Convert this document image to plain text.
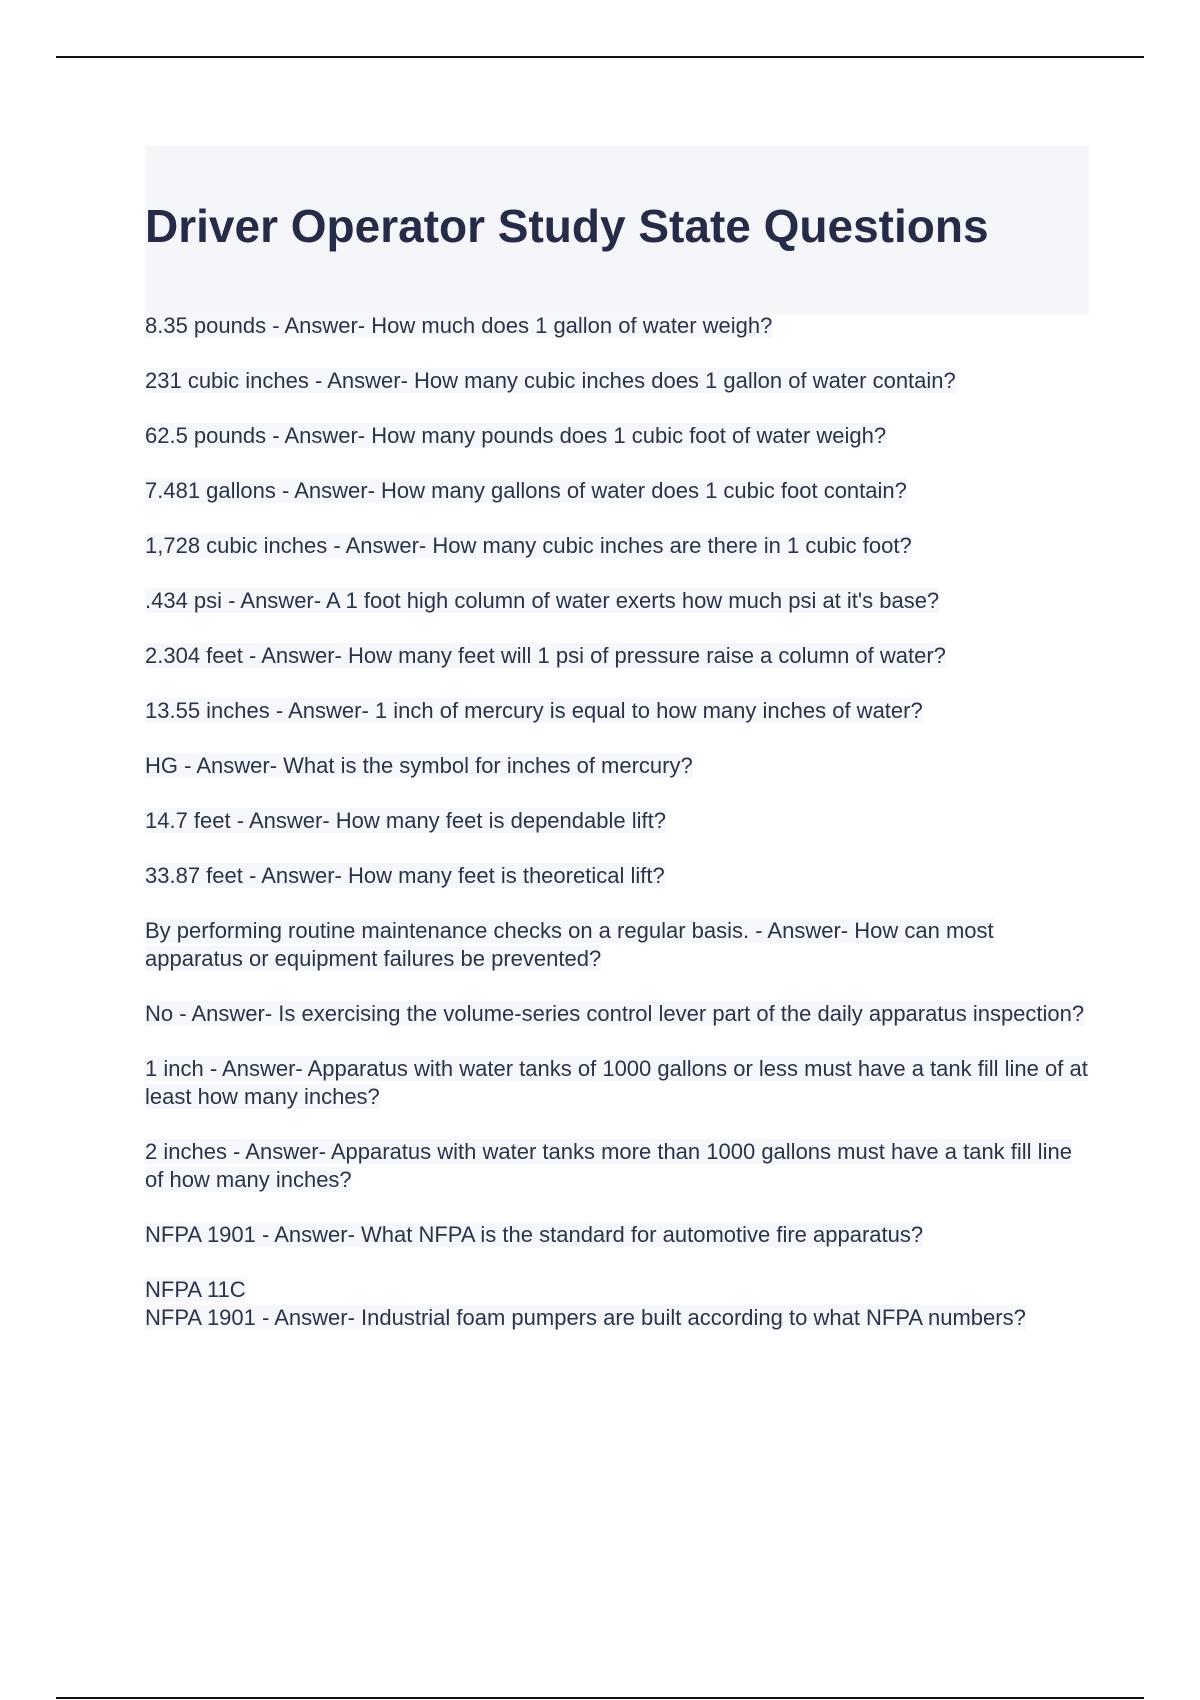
Driver Operator Study State Questions
8.35 pounds - Answer- How much does 1 gallon of water weigh?
231 cubic inches - Answer- How many cubic inches does 1 gallon of water contain?
62.5 pounds - Answer- How many pounds does 1 cubic foot of water weigh?
7.481 gallons - Answer- How many gallons of water does 1 cubic foot contain?
1,728 cubic inches - Answer- How many cubic inches are there in 1 cubic foot?
.434 psi - Answer- A 1 foot high column of water exerts how much psi at it's base?
2.304 feet - Answer- How many feet will 1 psi of pressure raise a column of water?
13.55 inches - Answer- 1 inch of mercury is equal to how many inches of water?
HG - Answer- What is the symbol for inches of mercury?
14.7 feet - Answer- How many feet is dependable lift?
33.87 feet - Answer- How many feet is theoretical lift?
By performing routine maintenance checks on a regular basis. - Answer- How can most apparatus or equipment failures be prevented?
No - Answer- Is exercising the volume-series control lever part of the daily apparatus inspection?
1 inch - Answer- Apparatus with water tanks of 1000 gallons or less must have a tank fill line of at least how many inches?
2 inches - Answer- Apparatus with water tanks more than 1000 gallons must have a tank fill line of how many inches?
NFPA 1901 - Answer- What NFPA is the standard for automotive fire apparatus?
NFPA 11C
NFPA 1901 - Answer- Industrial foam pumpers are built according to what NFPA numbers?
